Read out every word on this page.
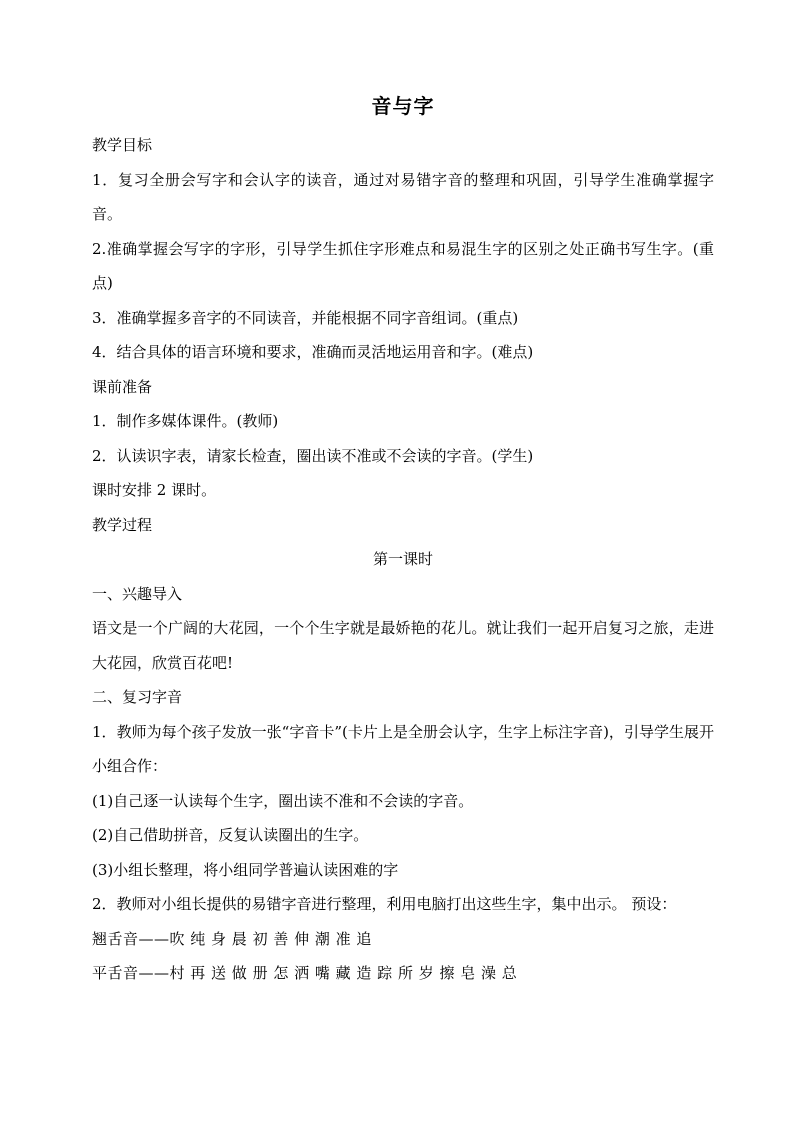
音与字

教学目标

1．复习全册会写字和会认字的读音，通过对易错字音的整理和巩固，引导学生准确掌握字音。

2.准确掌握会写字的字形，引导学生抓住字形难点和易混生字的区别之处正确书写生字。(重点)

3．准确掌握多音字的不同读音，并能根据不同字音组词。(重点)

4．结合具体的语言环境和要求，准确而灵活地运用音和字。(难点)

课前准备

1．制作多媒体课件。(教师)

2．认读识字表，请家长检查，圈出读不准或不会读的字音。(学生)

课时安排 2 课时。

教学过程

第一课时

一、兴趣导入

语文是一个广阔的大花园，一个个生字就是最娇艳的花儿。就让我们一起开启复习之旅，走进大花园，欣赏百花吧!

二、复习字音

1．教师为每个孩子发放一张“字音卡”(卡片上是全册会认字，生字上标注字音)，引导学生展开小组合作：

(1)自己逐一认读每个生字，圈出读不准和不会读的字音。

(2)自己借助拼音，反复认读圈出的生字。

(3)小组长整理，将小组同学普遍认读困难的字

2．教师对小组长提供的易错字音进行整理，利用电脑打出这些生字，集中出示。 预设：

翘舌音——吹 纯 身 晨 初 善 伸 潮 准 追

平舌音——村 再 送 做 册 怎 洒 嘴 藏 造 踪 所 岁 擦 皂 澡 总
